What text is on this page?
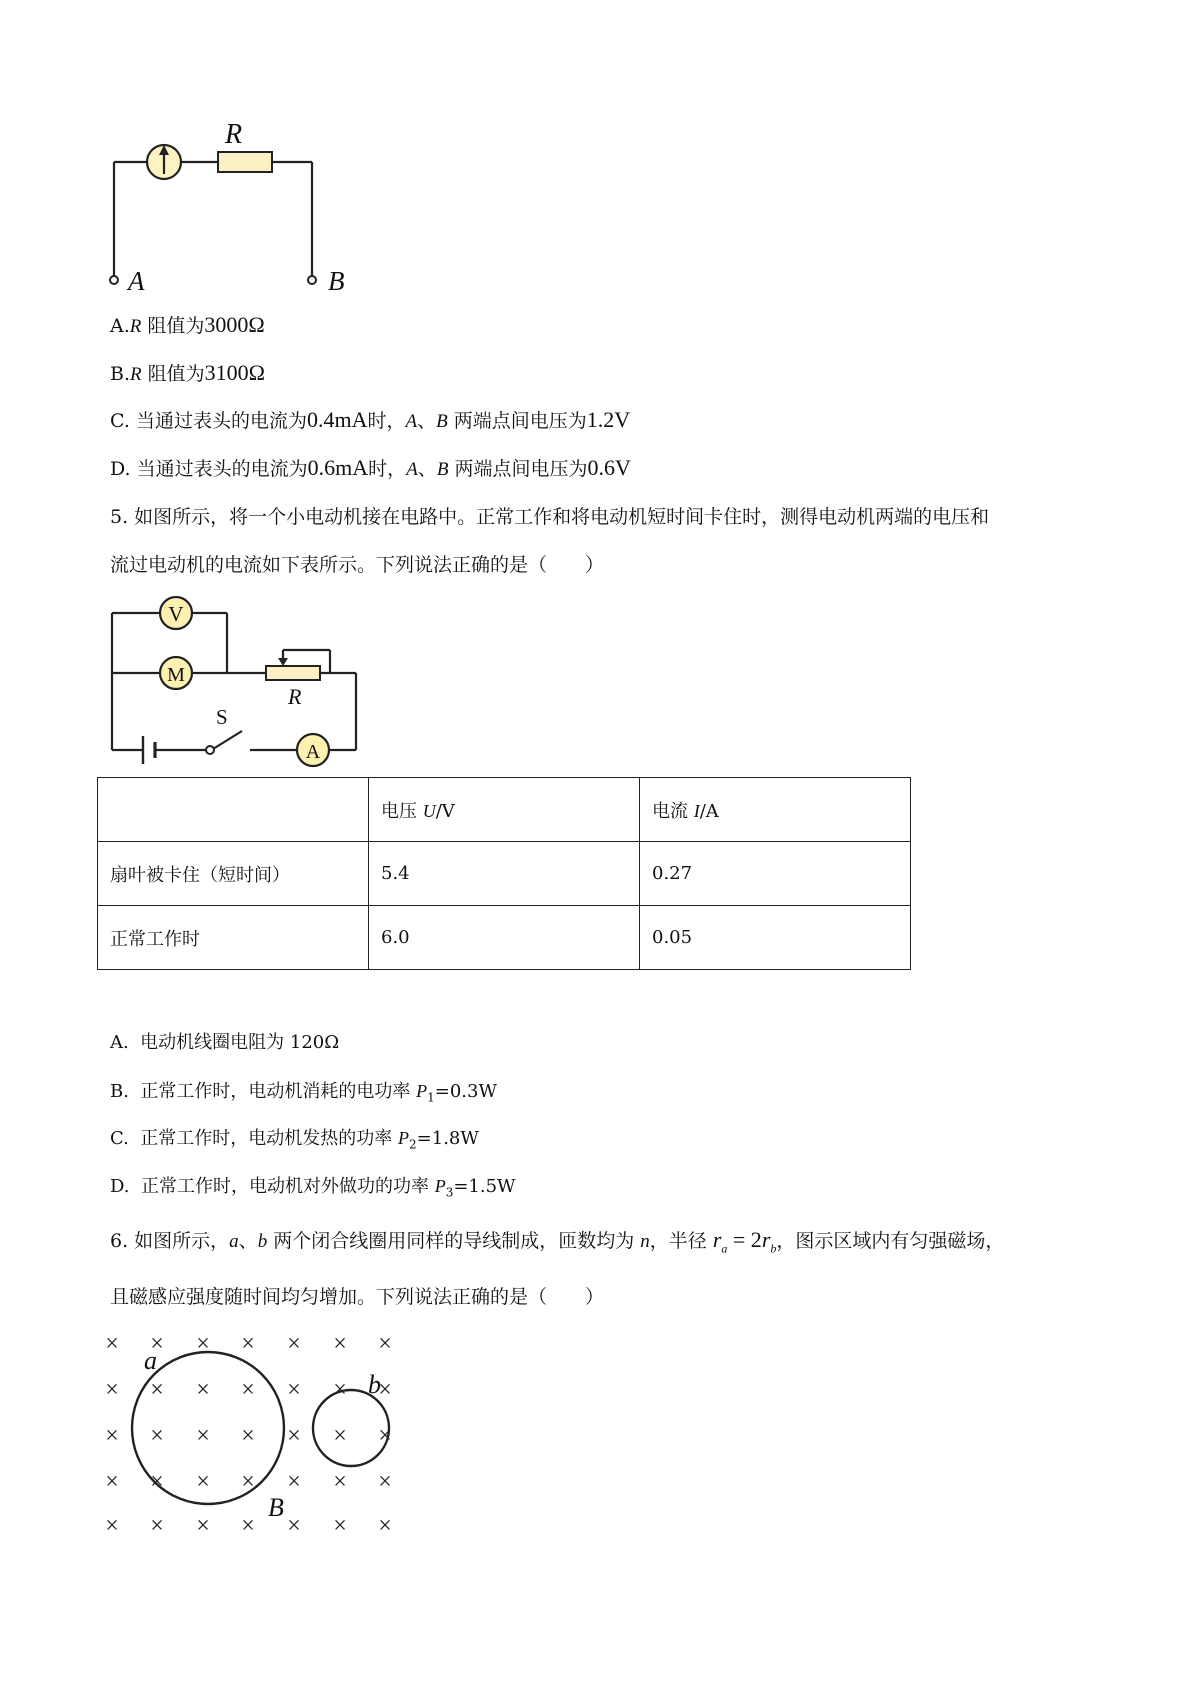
R
A	B
A.R 阻值为3000Ω
B.R 阻值为3100Ω
C. 当通过表头的电流为0.4mA时，A、B 两端点间电压为1.2V
D. 当通过表头的电流为0.6mA时，A、B 两端点间电压为0.6V
5. 如图所示，将一个小电动机接在电路中。正常工作和将电动机短时间卡住时，测得电动机两端的电压和
流过电动机的电流如下表所示。下列说法正确的是（　　）
V
M
A
R
S
	电压 U/V	电流 I/A
扇叶被卡住（短时间）	5.4	0.27
正常工作时	6.0	0.05
A.  电动机线圈电阻为 120Ω
B.  正常工作时，电动机消耗的电功率 $P_1=0.3W$
C.  正常工作时，电动机发热的功率 $P_2=1.8W$
D.  正常工作时，电动机对外做功的功率 $P_3=1.5W$
6. 如图所示，a、b 两个闭合线圈用同样的导线制成，匝数均为 n，半径 $r_a = 2r_b$，图示区域内有匀强磁场，
且磁感应强度随时间均匀增加。下列说法正确的是（　　）
× × × × × × ×
× × × × × × ×
× × × × × × ×
× × × × × × ×
× × × × × × ×
a
b
B
